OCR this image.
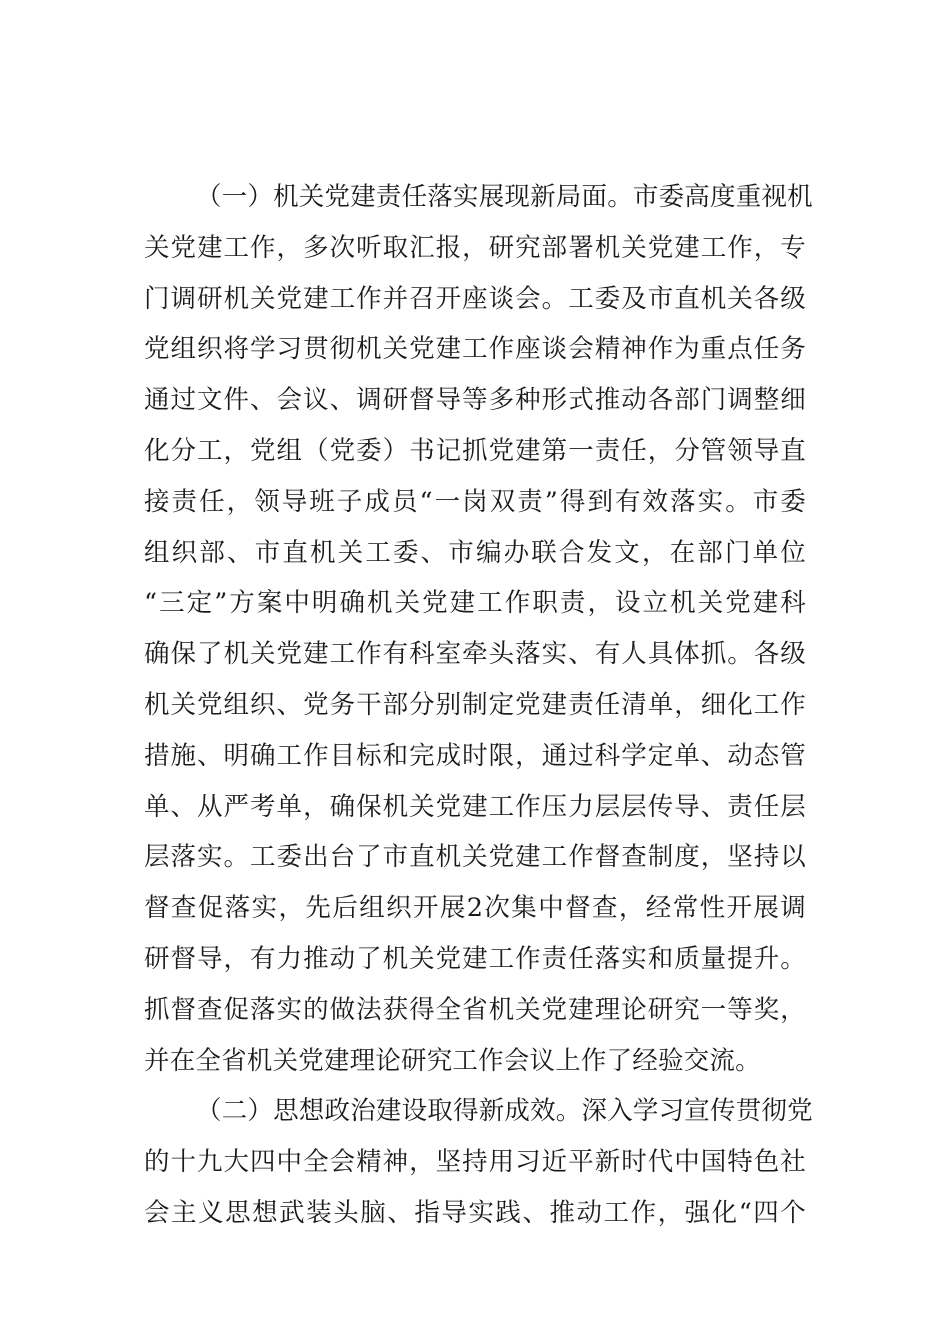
（一）机关党建责任落实展现新局面。市委高度重视机
关党建工作，多次听取汇报，研究部署机关党建工作，专
门调研机关党建工作并召开座谈会。工委及市直机关各级
党组织将学习贯彻机关党建工作座谈会精神作为重点任务
通过文件、会议、调研督导等多种形式推动各部门调整细
化分工，党组（党委）书记抓党建第一责任，分管领导直
接责任，领导班子成员“一岗双责”得到有效落实。市委
组织部、市直机关工委、市编办联合发文，在部门单位
“三定”方案中明确机关党建工作职责，设立机关党建科
确保了机关党建工作有科室牵头落实、有人具体抓。各级
机关党组织、党务干部分别制定党建责任清单，细化工作
措施、明确工作目标和完成时限，通过科学定单、动态管
单、从严考单，确保机关党建工作压力层层传导、责任层
层落实。工委出台了市直机关党建工作督查制度，坚持以
督查促落实，先后组织开展2次集中督查，经常性开展调
研督导，有力推动了机关党建工作责任落实和质量提升。
抓督查促落实的做法获得全省机关党建理论研究一等奖，
并在全省机关党建理论研究工作会议上作了经验交流。
（二）思想政治建设取得新成效。深入学习宣传贯彻党
的十九大四中全会精神，坚持用习近平新时代中国特色社
会主义思想武装头脑、指导实践、推动工作，强化“四个
